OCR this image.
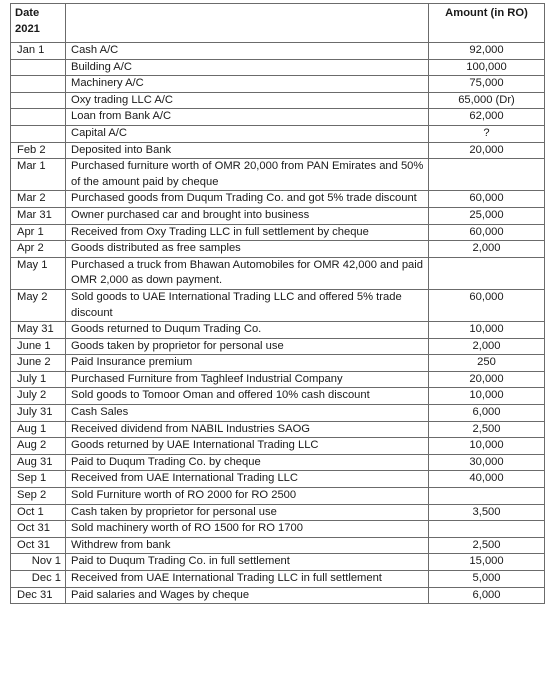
Date
2021		Amount (in RO)
Jan 1	Cash A/C	92,000
	Building A/C	100,000
	Machinery A/C	75,000
	Oxy trading LLC A/C	65,000 (Dr)
	Loan from Bank A/C	62,000
	Capital A/C	?
Feb 2	Deposited into Bank	20,000
Mar 1	Purchased furniture worth of OMR 20,000 from PAN Emirates and 50% of the amount paid by cheque	
Mar 2	Purchased goods from Duqum Trading Co. and got 5% trade discount	60,000
Mar 31	Owner purchased car and brought into business	25,000
Apr 1	Received from Oxy Trading LLC in full settlement by cheque	60,000
Apr 2	Goods distributed as free samples	2,000
May 1	Purchased a truck from Bhawan Automobiles for OMR 42,000 and paid OMR 2,000 as down payment.	
May 2	Sold goods to UAE International Trading LLC and offered 5% trade discount	60,000
May 31	Goods returned to Duqum Trading Co.	10,000
June 1	Goods taken by proprietor for personal use	2,000
June 2	Paid Insurance premium	250
July 1	Purchased Furniture from Taghleef Industrial Company	20,000
July 2	Sold goods to Tomoor Oman and offered 10% cash discount	10,000
July 31	Cash Sales	6,000
Aug 1	Received dividend from NABIL Industries SAOG	2,500
Aug 2	Goods returned by UAE International Trading LLC	10,000
Aug 31	Paid to Duqum Trading Co. by cheque	30,000
Sep 1	Received from UAE International Trading LLC	40,000
Sep 2	Sold Furniture worth of RO 2000 for RO 2500	
Oct 1	Cash taken by proprietor for personal use	3,500
Oct 31	Sold machinery worth of RO 1500 for RO 1700	
Oct 31	Withdrew from bank	2,500
Nov 1	Paid to Duqum Trading Co. in full settlement	15,000
Dec 1	Received from UAE International Trading LLC in full settlement	5,000
Dec 31	Paid salaries and Wages by cheque	6,000
